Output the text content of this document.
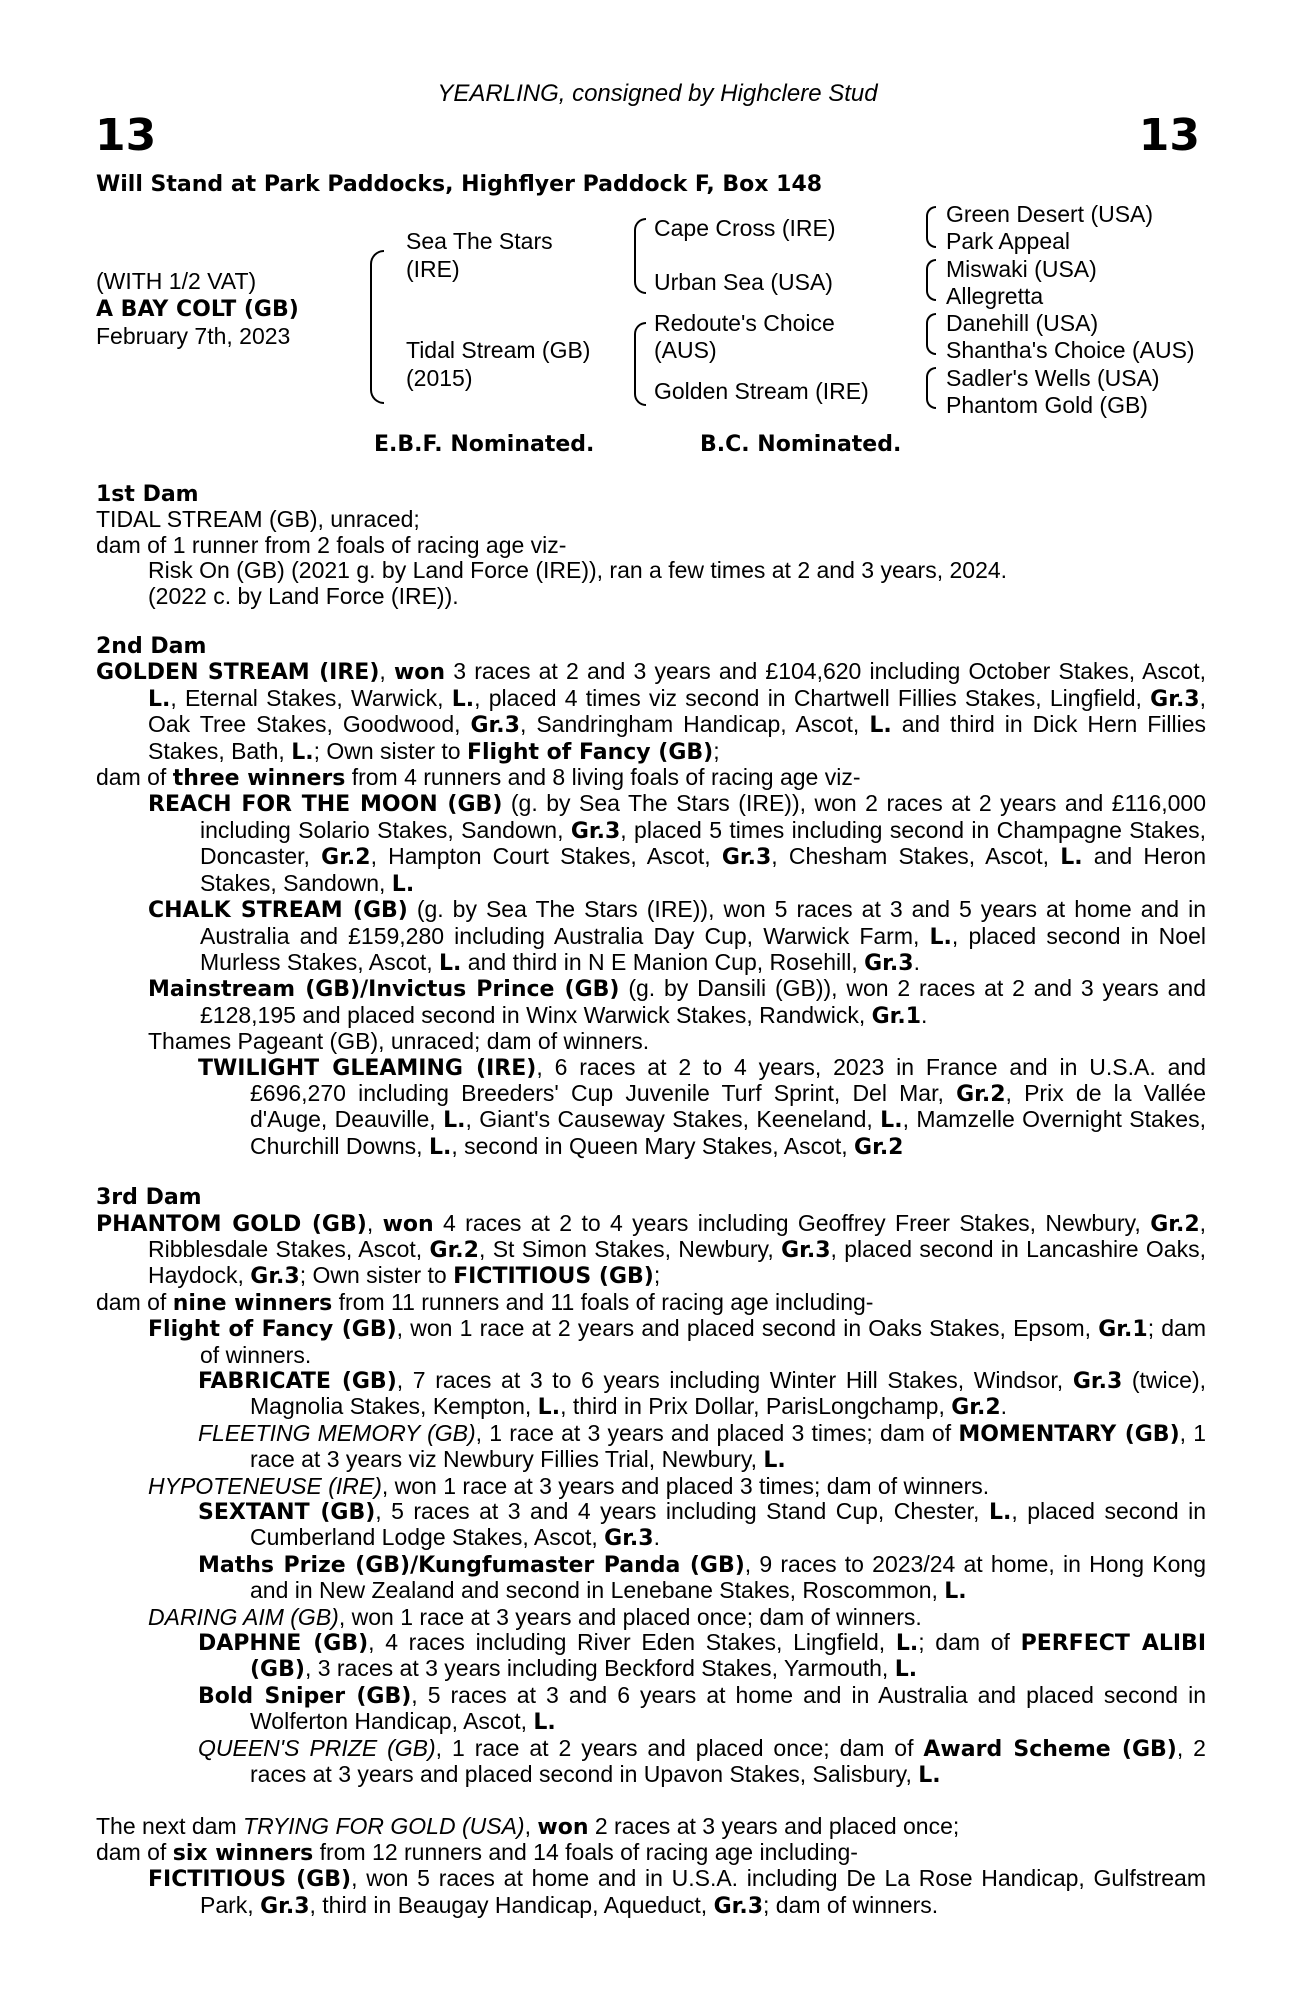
YEARLING, consigned by Highclere Stud
13	13
Will Stand at Park Paddocks, Highflyer Paddock F, Box 148
(WITH 1/2 VAT)
A BAY COLT (GB)
February 7th, 2023
Sea The Stars
(IRE)
Tidal Stream (GB)
(2015)
Cape Cross (IRE)
Urban Sea (USA)
Redoute's Choice
(AUS)
Golden Stream (IRE)
Green Desert (USA)
Park Appeal
Miswaki (USA)
Allegretta
Danehill (USA)
Shantha's Choice (AUS)
Sadler's Wells (USA)
Phantom Gold (GB)
E.B.F. Nominated.	B.C. Nominated.

1st Dam

TIDAL STREAM (GB), unraced;

dam of 1 runner from 2 foals of racing age viz-

Risk On (GB) (2021 g. by Land Force (IRE)), ran a few times at 2 and 3 years, 2024.

(2022 c. by Land Force (IRE)).

2nd Dam

GOLDEN STREAM (IRE), won 3 races at 2 and 3 years and £104,620 including October Stakes, Ascot, L., Eternal Stakes, Warwick, L., placed 4 times viz second in Chartwell Fillies Stakes, Lingfield, Gr.3, Oak Tree Stakes, Goodwood, Gr.3, Sandringham Handicap, Ascot, L. and third in Dick Hern Fillies Stakes, Bath, L.; Own sister to Flight of Fancy (GB);

dam of three winners from 4 runners and 8 living foals of racing age viz-

REACH FOR THE MOON (GB) (g. by Sea The Stars (IRE)), won 2 races at 2 years and £116,000 including Solario Stakes, Sandown, Gr.3, placed 5 times including second in Champagne Stakes, Doncaster, Gr.2, Hampton Court Stakes, Ascot, Gr.3, Chesham Stakes, Ascot, L. and Heron Stakes, Sandown, L.

CHALK STREAM (GB) (g. by Sea The Stars (IRE)), won 5 races at 3 and 5 years at home and in Australia and £159,280 including Australia Day Cup, Warwick Farm, L., placed second in Noel Murless Stakes, Ascot, L. and third in N E Manion Cup, Rosehill, Gr.3.

Mainstream (GB)/Invictus Prince (GB) (g. by Dansili (GB)), won 2 races at 2 and 3 years and £128,195 and placed second in Winx Warwick Stakes, Randwick, Gr.1.

Thames Pageant (GB), unraced; dam of winners.

TWILIGHT GLEAMING (IRE), 6 races at 2 to 4 years, 2023 in France and in U.S.A. and £696,270 including Breeders' Cup Juvenile Turf Sprint, Del Mar, Gr.2, Prix de la Vallée d'Auge, Deauville, L., Giant's Causeway Stakes, Keeneland, L., Mamzelle Overnight Stakes, Churchill Downs, L., second in Queen Mary Stakes, Ascot, Gr.2

3rd Dam

PHANTOM GOLD (GB), won 4 races at 2 to 4 years including Geoffrey Freer Stakes, Newbury, Gr.2, Ribblesdale Stakes, Ascot, Gr.2, St Simon Stakes, Newbury, Gr.3, placed second in Lancashire Oaks, Haydock, Gr.3; Own sister to FICTITIOUS (GB);

dam of nine winners from 11 runners and 11 foals of racing age including-

Flight of Fancy (GB), won 1 race at 2 years and placed second in Oaks Stakes, Epsom, Gr.1; dam of winners.

FABRICATE (GB), 7 races at 3 to 6 years including Winter Hill Stakes, Windsor, Gr.3 (twice), Magnolia Stakes, Kempton, L., third in Prix Dollar, ParisLongchamp, Gr.2.

FLEETING MEMORY (GB), 1 race at 3 years and placed 3 times; dam of MOMENTARY (GB), 1 race at 3 years viz Newbury Fillies Trial, Newbury, L.

HYPOTENEUSE (IRE), won 1 race at 3 years and placed 3 times; dam of winners.

SEXTANT (GB), 5 races at 3 and 4 years including Stand Cup, Chester, L., placed second in Cumberland Lodge Stakes, Ascot, Gr.3.

Maths Prize (GB)/Kungfumaster Panda (GB), 9 races to 2023/24 at home, in Hong Kong and in New Zealand and second in Lenebane Stakes, Roscommon, L.

DARING AIM (GB), won 1 race at 3 years and placed once; dam of winners.

DAPHNE (GB), 4 races including River Eden Stakes, Lingfield, L.; dam of PERFECT ALIBI (GB), 3 races at 3 years including Beckford Stakes, Yarmouth, L.

Bold Sniper (GB), 5 races at 3 and 6 years at home and in Australia and placed second in Wolferton Handicap, Ascot, L.

QUEEN'S PRIZE (GB), 1 race at 2 years and placed once; dam of Award Scheme (GB), 2 races at 3 years and placed second in Upavon Stakes, Salisbury, L.

The next dam TRYING FOR GOLD (USA), won 2 races at 3 years and placed once;

dam of six winners from 12 runners and 14 foals of racing age including-

FICTITIOUS (GB), won 5 races at home and in U.S.A. including De La Rose Handicap, Gulfstream Park, Gr.3, third in Beaugay Handicap, Aqueduct, Gr.3; dam of winners.
